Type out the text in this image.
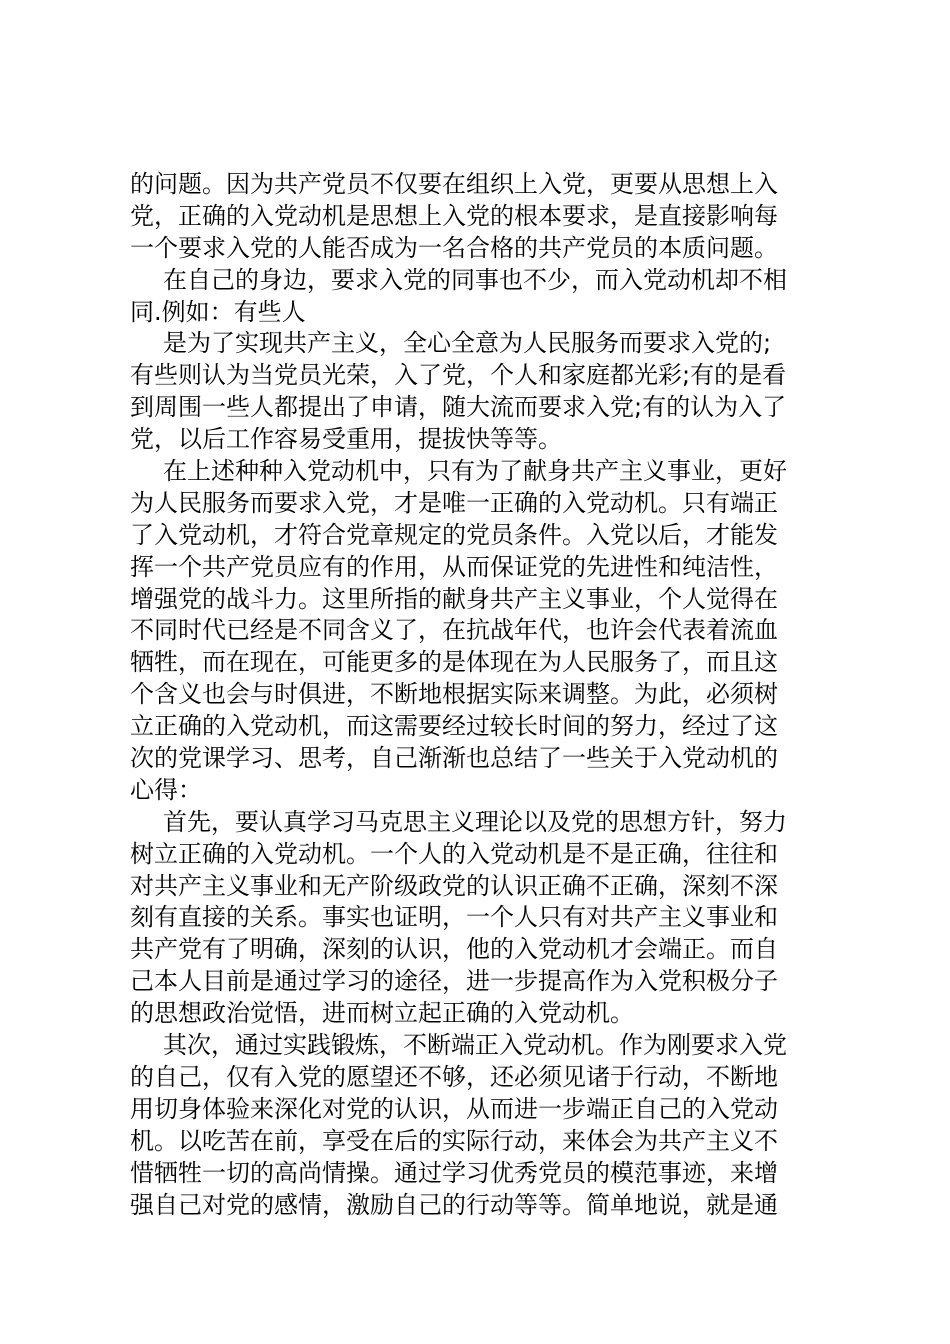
的问题。因为共产党员不仅要在组织上入党，更要从思想上入
党，正确的入党动机是思想上入党的根本要求，是直接影响每
一个要求入党的人能否成为一名合格的共产党员的本质问题。
在自己的身边，要求入党的同事也不少，而入党动机却不相
同.例如：有些人
是为了实现共产主义，全心全意为人民服务而要求入党的;
有些则认为当党员光荣，入了党，个人和家庭都光彩;有的是看
到周围一些人都提出了申请，随大流而要求入党;有的认为入了
党，以后工作容易受重用，提拔快等等。
在上述种种入党动机中，只有为了献身共产主义事业，更好
为人民服务而要求入党，才是唯一正确的入党动机。只有端正
了入党动机，才符合党章规定的党员条件。入党以后，才能发
挥一个共产党员应有的作用，从而保证党的先进性和纯洁性，
增强党的战斗力。这里所指的献身共产主义事业，个人觉得在
不同时代已经是不同含义了，在抗战年代，也许会代表着流血
牺牲，而在现在，可能更多的是体现在为人民服务了，而且这
个含义也会与时俱进，不断地根据实际来调整。为此，必须树
立正确的入党动机，而这需要经过较长时间的努力，经过了这
次的党课学习、思考，自己渐渐也总结了一些关于入党动机的
心得：
首先，要认真学习马克思主义理论以及党的思想方针，努力
树立正确的入党动机。一个人的入党动机是不是正确，往往和
对共产主义事业和无产阶级政党的认识正确不正确，深刻不深
刻有直接的关系。事实也证明，一个人只有对共产主义事业和
共产党有了明确，深刻的认识，他的入党动机才会端正。而自
己本人目前是通过学习的途径，进一步提高作为入党积极分子
的思想政治觉悟，进而树立起正确的入党动机。
其次，通过实践锻炼，不断端正入党动机。作为刚要求入党
的自己，仅有入党的愿望还不够，还必须见诸于行动，不断地
用切身体验来深化对党的认识，从而进一步端正自己的入党动
机。以吃苦在前，享受在后的实际行动，来体会为共产主义不
惜牺牲一切的高尚情操。通过学习优秀党员的模范事迹，来增
强自己对党的感情，激励自己的行动等等。简单地说，就是通
